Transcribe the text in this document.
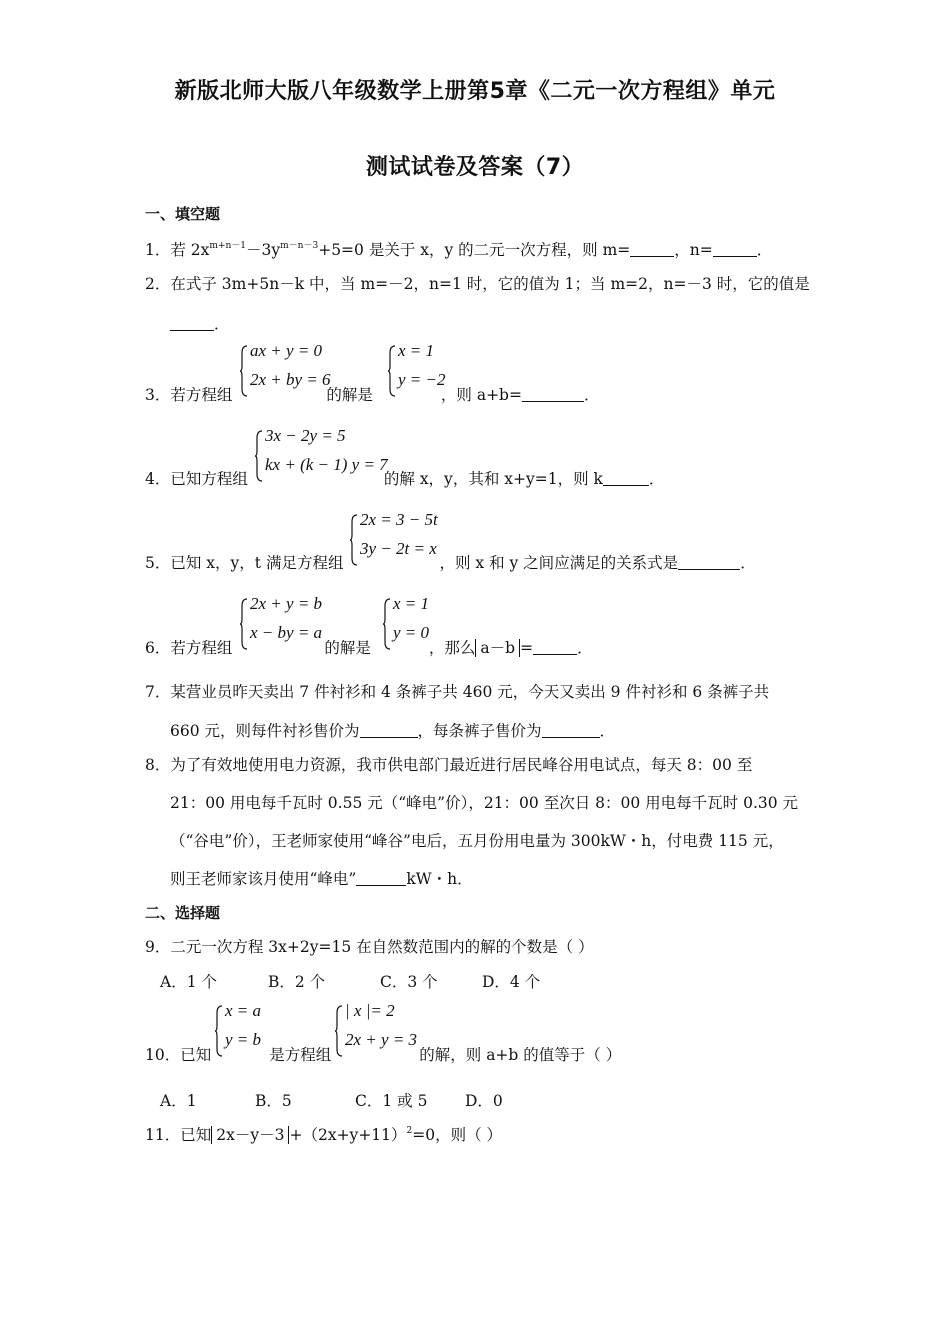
新版北师大版八年级数学上册第5章《二元一次方程组》单元
测试试卷及答案（7）
一、填空题
1．若 $2x^{m+n-1}-3y^{m-n-3}+5=0$ 是关于 x，y 的二元一次方程，则 m=	，n=	．
2．在式子 3m+5n－k 中，当 m=－2，n=1 时，它的值为 1；当 m=2，n=－3 时，它的值是
．
ax + y = 0
2x + by = 6
x = 1
y = −2
3．若方程组	的解是	，则 a+b=	．
3x − 2y = 5
kx + (k − 1) y = 7
4．已知方程组	的解 x，y，其和 x+y=1，则 k	．
2x = 3 − 5t
3y − 2t = x
5．已知 x，y，t 满足方程组	，则 x 和 y 之间应满足的关系式是	．
2x + y = b
x − by = a
x = 1
y = 0
6．若方程组	的解是	，那么 a－b =	．
7．某营业员昨天卖出 7 件衬衫和 4 条裤子共 460 元，今天又卖出 9 件衬衫和 6 条裤子共
660 元，则每件衬衫售价为	，每条裤子售价为	．
8．为了有效地使用电力资源，我市供电部门最近进行居民峰谷用电试点，每天 8：00 至
21：00 用电每千瓦时 0.55 元（“峰电”价），21：00 至次日 8：00 用电每千瓦时 0.30 元
（“谷电”价），王老师家使用“峰谷”电后，五月份用电量为 300kW・h，付电费 115 元，
则王老师家该月使用“峰电”	kW・h．
二、选择题
9．二元一次方程 3x+2y=15 在自然数范围内的解的个数是（ ）
A．1 个	B．2 个	C．3 个	D．4 个
x = a
y = b
| x |= 2
2x + y = 3
10．已知	是方程组	的解，则 a+b 的值等于（ ）
A．1	B．5	C．1 或 5 D．0
11．已知 $2x-y-3 +(2x+y+11)^2=0$，则（ ）
